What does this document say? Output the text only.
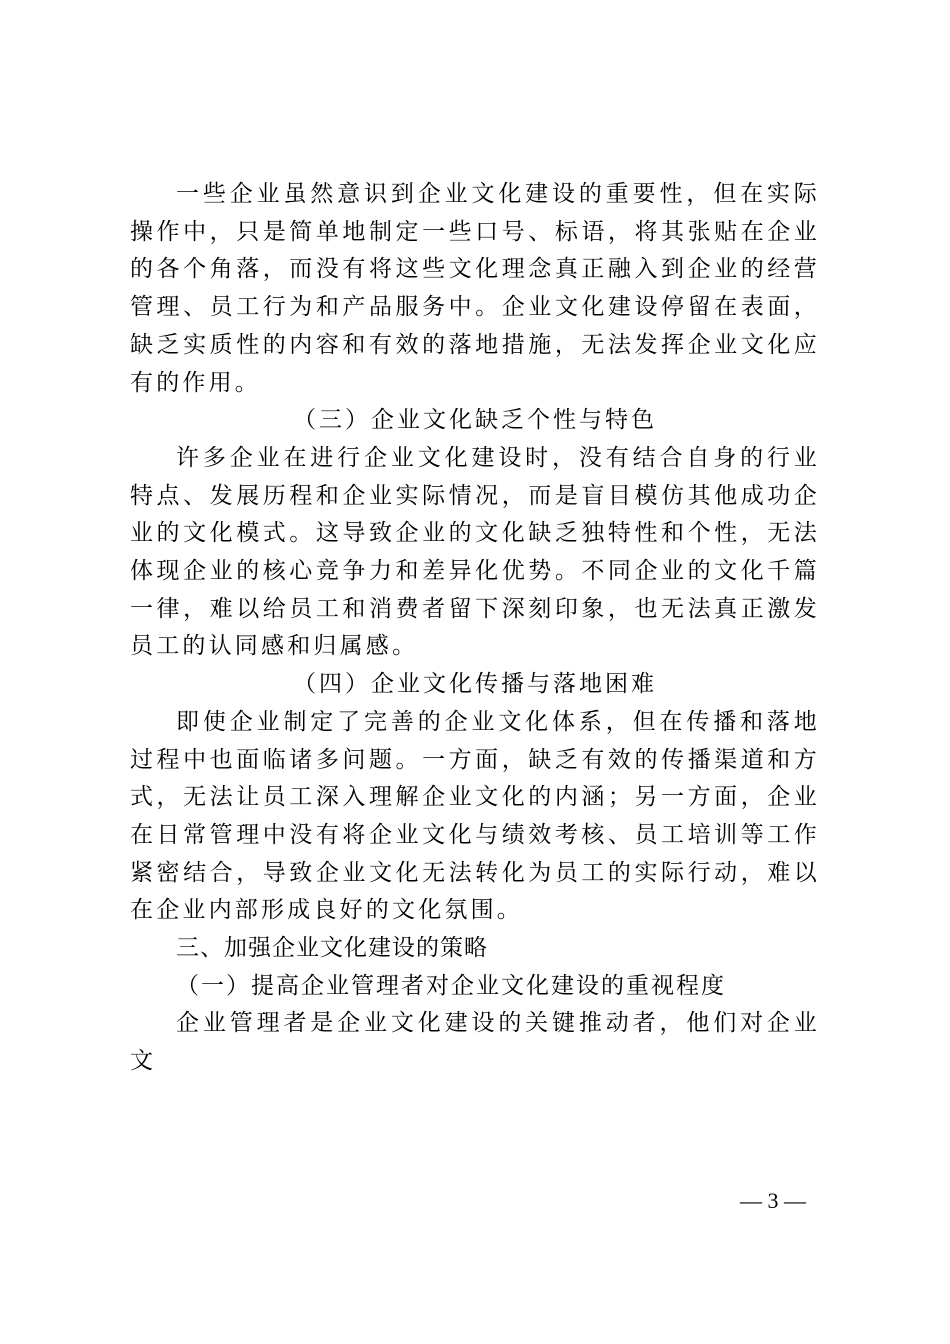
一些企业虽然意识到企业文化建设的重要性，但在实际操作中，只是简单地制定一些口号、标语，将其张贴在企业的各个角落，而没有将这些文化理念真正融入到企业的经营管理、员工行为和产品服务中。企业文化建设停留在表面，缺乏实质性的内容和有效的落地措施，无法发挥企业文化应有的作用。

（三）企业文化缺乏个性与特色

许多企业在进行企业文化建设时，没有结合自身的行业特点、发展历程和企业实际情况，而是盲目模仿其他成功企业的文化模式。这导致企业的文化缺乏独特性和个性，无法体现企业的核心竞争力和差异化优势。不同企业的文化千篇一律，难以给员工和消费者留下深刻印象，也无法真正激发员工的认同感和归属感。

（四）企业文化传播与落地困难

即使企业制定了完善的企业文化体系，但在传播和落地过程中也面临诸多问题。一方面，缺乏有效的传播渠道和方式，无法让员工深入理解企业文化的内涵；另一方面，企业在日常管理中没有将企业文化与绩效考核、员工培训等工作紧密结合，导致企业文化无法转化为员工的实际行动，难以在企业内部形成良好的文化氛围。

三、加强企业文化建设的策略
（一）提高企业管理者对企业文化建设的重视程度

企业管理者是企业文化建设的关键推动者，他们对企业文

— 3 —
